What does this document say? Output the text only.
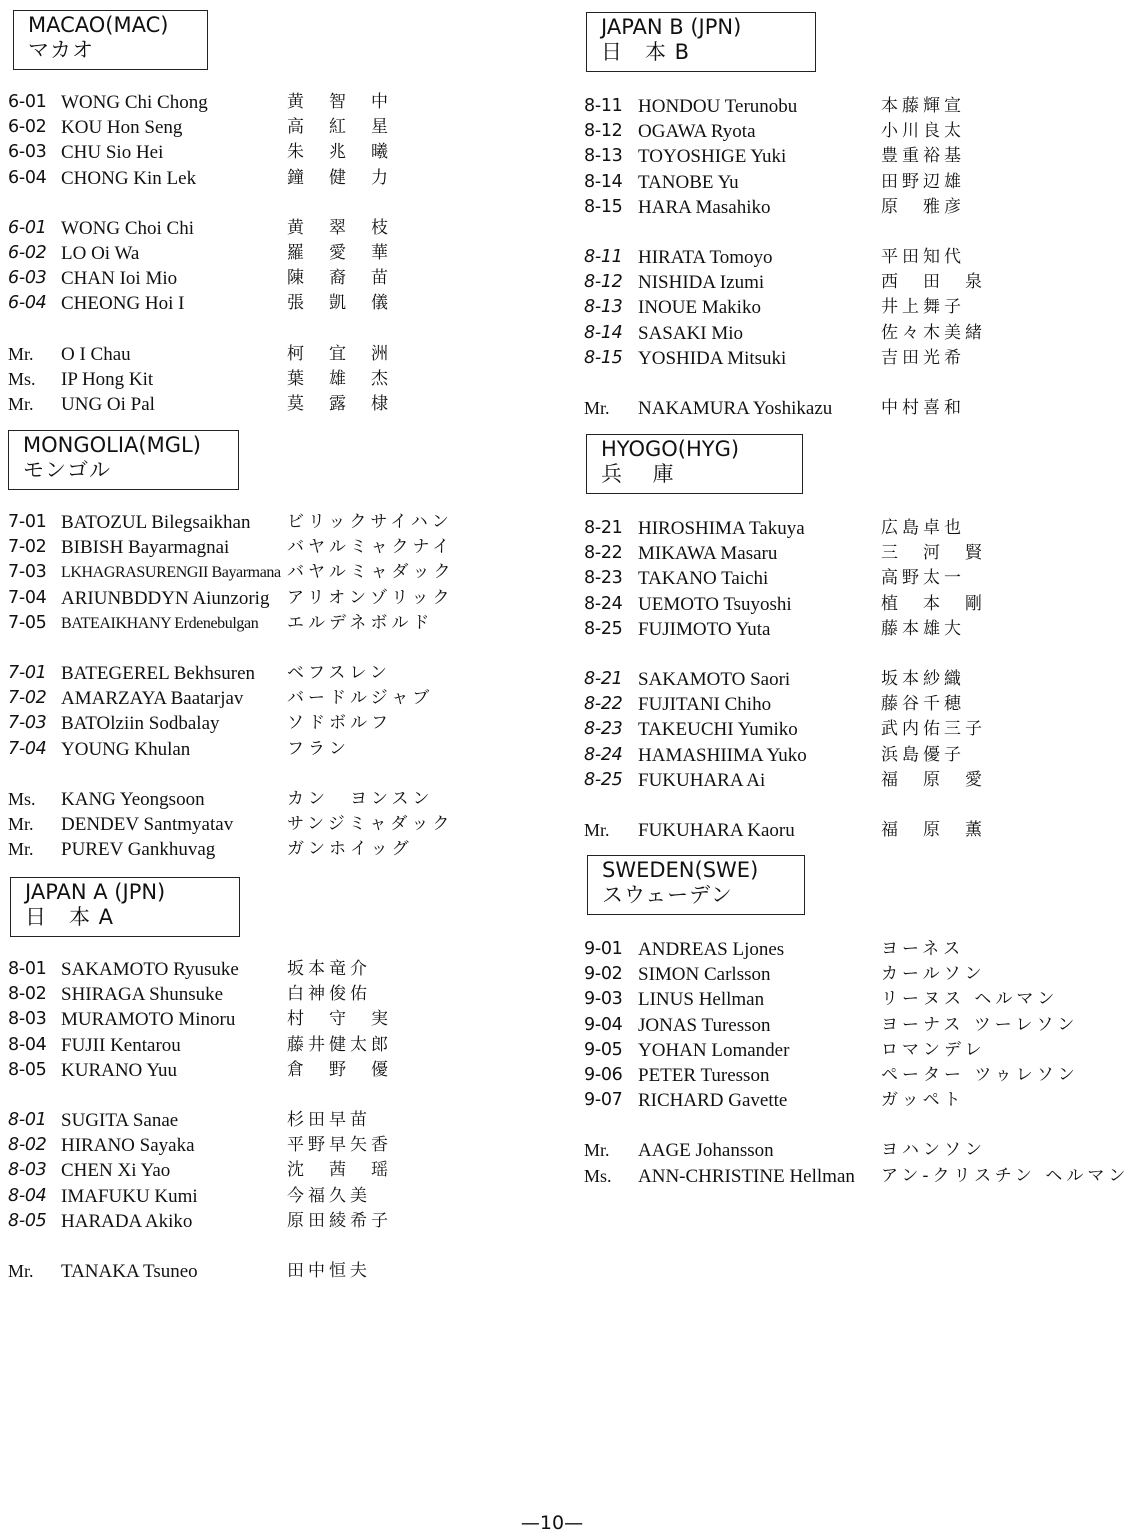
MACAO(MAC)
マカオ
6-01 WONG Chi Chong	黄　智　中
6-02 KOU Hon Seng	高　紅　星
6-03 CHU Sio Hei	朱　兆　曦
6-04 CHONG Kin Lek	鐘　健　力
6-01 WONG Choi Chi	黄　翠　枝
6-02 LO Oi Wa	羅　愛　華
6-03 CHAN Ioi Mio	陳　裔　苗
6-04 CHEONG Hoi I	張　凱　儀
Mr. O I Chau	柯　宜　洲
Ms. IP Hong Kit	葉　雄　杰
Mr. UNG Oi Pal	莫　露　棣
MONGOLIA(MGL)
モンゴル
7-01 BATOZUL Bilegsaikhan ビリックサイハン
7-02 BIBISH Bayarmagnai	バヤルミャクナイ
7-03 LKHAGRASURENGII Bayarmana バヤルミャダック
7-04 ARIUNBDDYN Aiunzorig アリオンゾリック
7-05 BATEAIKHANY Erdenebulgan エルデネボルド
7-01 BATEGEREL Bekhsuren ベフスレン
7-02 AMARZAYA Baatarjav	バードルジャブ
7-03 BATOlziin Sodbalay	ソドボルフ
7-04 YOUNG Khulan	フラン
Ms. KANG Yeongsoon	カン　ヨンスン
Mr. DENDEV Santmyatav	サンジミャダック
Mr. PUREV Gankhuvag	ガンホイッグ
JAPAN A (JPN)
日　本 A
8-01 SAKAMOTO Ryusuke	坂本竜介
8-02 SHIRAGA Shunsuke	白神俊佑
8-03 MURAMOTO Minoru	村　守　実
8-04 FUJII Kentarou	藤井健太郎
8-05 KURANO Yuu	倉　野　優
8-01 SUGITA Sanae	杉田早苗
8-02 HIRANO Sayaka	平野早矢香
8-03 CHEN Xi Yao	沈　茜　瑶
8-04 IMAFUKU Kumi	今福久美
8-05 HARADA Akiko	原田綾希子
Mr. TANAKA Tsuneo	田中恒夫
JAPAN B (JPN)
日　本 B
8-11 HONDOU Terunobu	本藤輝宣
8-12 OGAWA Ryota	小川良太
8-13 TOYOSHIGE Yuki	豊重裕基
8-14 TANOBE Yu	田野辺雄
8-15 HARA Masahiko	原　雅彦
8-11 HIRATA Tomoyo	平田知代
8-12 NISHIDA Izumi	西　田　泉
8-13 INOUE Makiko	井上舞子
8-14 SASAKI Mio	佐々木美緒
8-15 YOSHIDA Mitsuki	吉田光希
Mr. NAKAMURA Yoshikazu	中村喜和
HYOGO(HYG)
兵　 庫
8-21 HIROSHIMA Takuya	広島卓也
8-22 MIKAWA Masaru	三　河　賢
8-23 TAKANO Taichi	高野太一
8-24 UEMOTO Tsuyoshi	植　本　剛
8-25 FUJIMOTO Yuta	藤本雄大
8-21 SAKAMOTO Saori	坂本紗織
8-22 FUJITANI Chiho	藤谷千穂
8-23 TAKEUCHI Yumiko	武内佑三子
8-24 HAMASHIIMA Yuko	浜島優子
8-25 FUKUHARA Ai	福　原　愛
Mr. FUKUHARA Kaoru	福　原　薫
SWEDEN(SWE)
スウェーデン
9-01 ANDREAS Ljones	ヨーネス
9-02 SIMON Carlsson	カールソン
9-03 LINUS Hellman	リーヌス ヘルマン
9-04 JONAS Turesson	ヨーナス ツーレソン
9-05 YOHAN Lomander	ロマンデレ
9-06 PETER Turesson	ペーター ツゥレソン
9-07 RICHARD Gavette	ガッペト
Mr. AAGE Johansson	ヨハンソン
Ms. ANN-CHRISTINE Hellman アン-クリスチン ヘルマン
—10—
